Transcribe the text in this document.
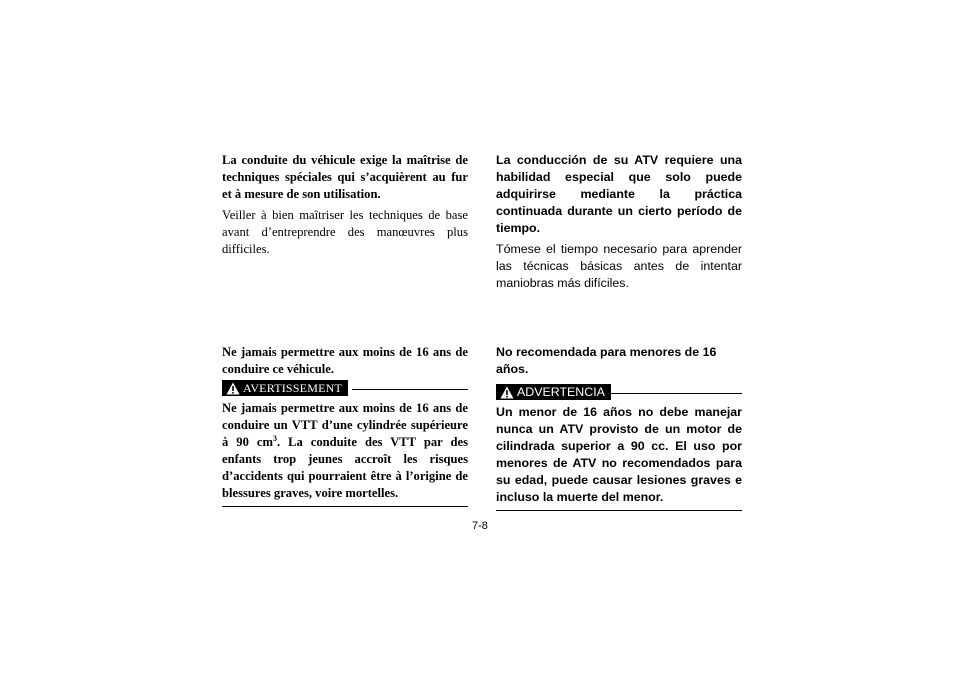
La conduite du véhicule exige la maîtrise de techniques spéciales qui s’acquièrent au fur et à mesure de son utilisation.

Veiller à bien maîtriser les techniques de base avant d’entreprendre des manœuvres plus difficiles.

La conducción de su ATV requiere una habilidad especial que solo puede adquirirse mediante la práctica continuada durante un cierto período de tiempo.

Tómese el tiempo necesario para aprender las técnicas básicas antes de intentar maniobras más difíciles.

Ne jamais permettre aux moins de 16 ans de conduire ce véhicule.

AVERTISSEMENT

Ne jamais permettre aux moins de 16 ans de conduire un VTT d’une cylindrée supérieure à 90 $cm^3$. La conduite des VTT par des enfants trop jeunes accroît les risques d’accidents qui pourraient être à l’origine de blessures graves, voire mortelles.

No recomendada para menores de 16 años.

ADVERTENCIA

Un menor de 16 años no debe manejar nunca un ATV provisto de un motor de cilindrada superior a 90 cc. El uso por menores de ATV no recomendados para su edad, puede causar lesiones graves e incluso la muerte del menor.

7-8
